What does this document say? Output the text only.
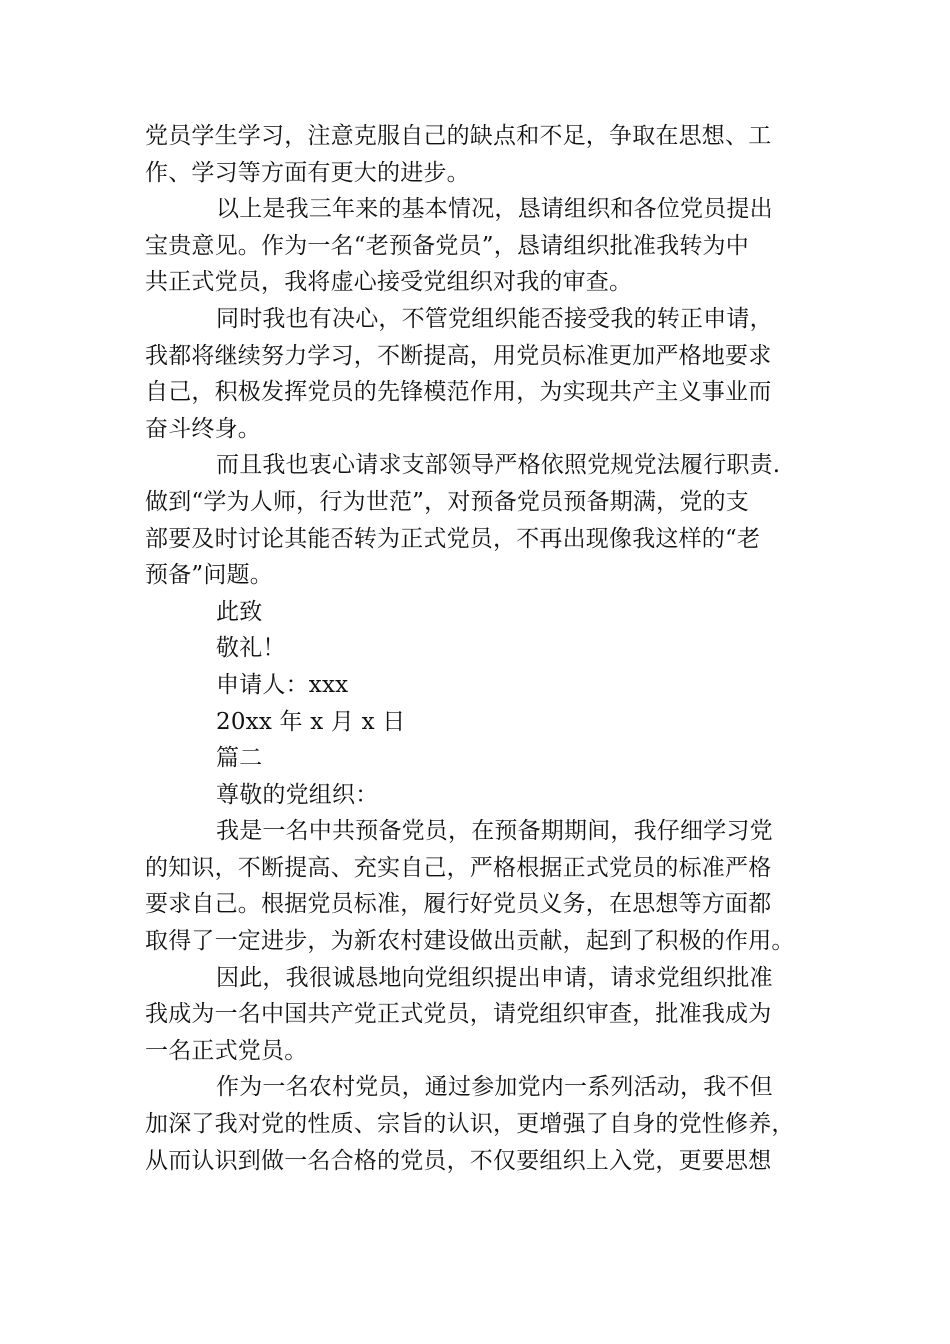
党员学生学习，注意克服自己的缺点和不足，争取在思想、工
作、学习等方面有更大的进步。
以上是我三年来的基本情况，恳请组织和各位党员提出
宝贵意见。作为一名“老预备党员”，恳请组织批准我转为中
共正式党员，我将虚心接受党组织对我的审查。
同时我也有决心，不管党组织能否接受我的转正申请，
我都将继续努力学习，不断提高，用党员标准更加严格地要求
自己，积极发挥党员的先锋模范作用，为实现共产主义事业而
奋斗终身。
而且我也衷心请求支部领导严格依照党规党法履行职责.
做到“学为人师，行为世范”，对预备党员预备期满，党的支
部要及时讨论其能否转为正式党员，不再出现像我这样的“老
预备”问题。
此致
敬礼！
申请人：xxx
20xx 年 x 月 x 日
篇二
尊敬的党组织：
我是一名中共预备党员，在预备期期间，我仔细学习党
的知识，不断提高、充实自己，严格根据正式党员的标准严格
要求自己。根据党员标准，履行好党员义务，在思想等方面都
取得了一定进步，为新农村建设做出贡献，起到了积极的作用。
因此，我很诚恳地向党组织提出申请，请求党组织批准
我成为一名中国共产党正式党员，请党组织审查，批准我成为
一名正式党员。
作为一名农村党员，通过参加党内一系列活动，我不但
加深了我对党的性质、宗旨的认识，更增强了自身的党性修养，
从而认识到做一名合格的党员，不仅要组织上入党，更要思想
